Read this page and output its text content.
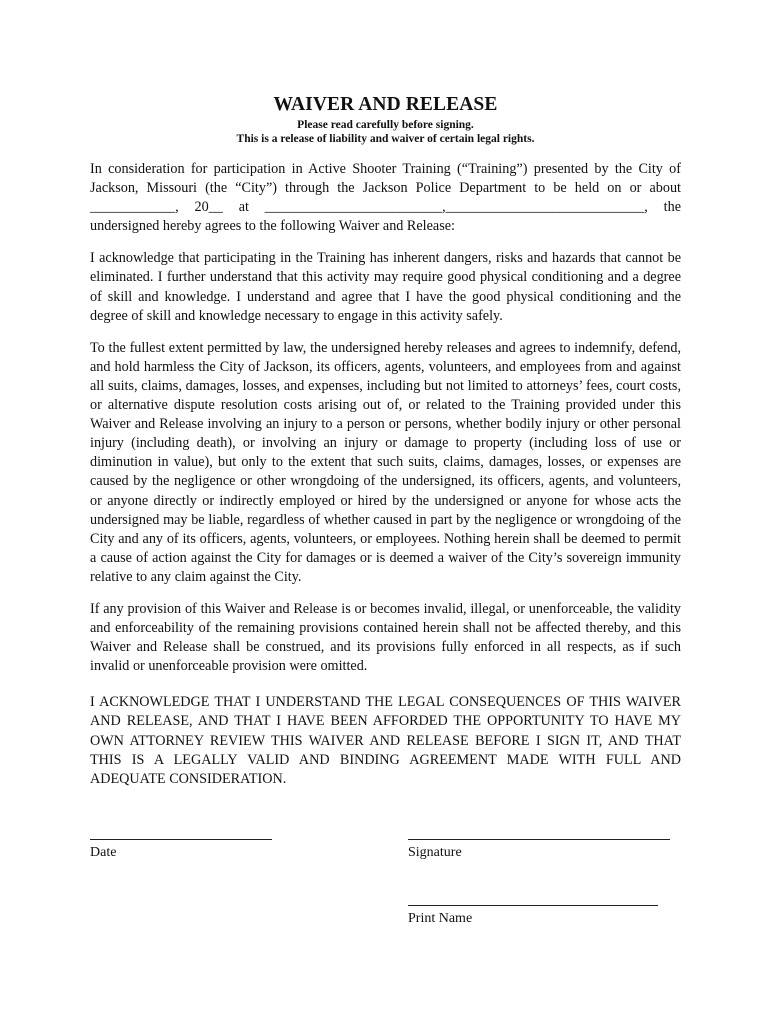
WAIVER AND RELEASE

Please read carefully before signing.

This is a release of liability and waiver of certain legal rights.

In consideration for participation in Active Shooter Training (“Training”) presented by the City of Jackson, Missouri (the “City”) through the Jackson Police Department to be held on or about ____________, 20__ at _________________________,____________________________, the undersigned hereby agrees to the following Waiver and Release:

I acknowledge that participating in the Training has inherent dangers, risks and hazards that cannot be eliminated. I further understand that this activity may require good physical conditioning and a degree of skill and knowledge. I understand and agree that I have the good physical conditioning and the degree of skill and knowledge necessary to engage in this activity safely.

To the fullest extent permitted by law, the undersigned hereby releases and agrees to indemnify, defend, and hold harmless the City of Jackson, its officers, agents, volunteers, and employees from and against all suits, claims, damages, losses, and expenses, including but not limited to attorneys’ fees, court costs, or alternative dispute resolution costs arising out of, or related to the Training provided under this Waiver and Release involving an injury to a person or persons, whether bodily injury or other personal injury (including death), or involving an injury or damage to property (including loss of use or diminution in value), but only to the extent that such suits, claims, damages, losses, or expenses are caused by the negligence or other wrongdoing of the undersigned, its officers, agents, and volunteers, or anyone directly or indirectly employed or hired by the undersigned or anyone for whose acts the undersigned may be liable, regardless of whether caused in part by the negligence or wrongdoing of the City and any of its officers, agents, volunteers, or employees. Nothing herein shall be deemed to permit a cause of action against the City for damages or is deemed a waiver of the City’s sovereign immunity relative to any claim against the City.

If any provision of this Waiver and Release is or becomes invalid, illegal, or unenforceable, the validity and enforceability of the remaining provisions contained herein shall not be affected thereby, and this Waiver and Release shall be construed, and its provisions fully enforced in all respects, as if such invalid or unenforceable provision were omitted.

I ACKNOWLEDGE THAT I UNDERSTAND THE LEGAL CONSEQUENCES OF THIS WAIVER AND RELEASE, AND THAT I HAVE BEEN AFFORDED THE OPPORTUNITY TO HAVE MY OWN ATTORNEY REVIEW THIS WAIVER AND RELEASE BEFORE I SIGN IT, AND THAT THIS IS A LEGALLY VALID AND BINDING AGREEMENT MADE WITH FULL AND ADEQUATE CONSIDERATION.

Date	Signature
Print Name
